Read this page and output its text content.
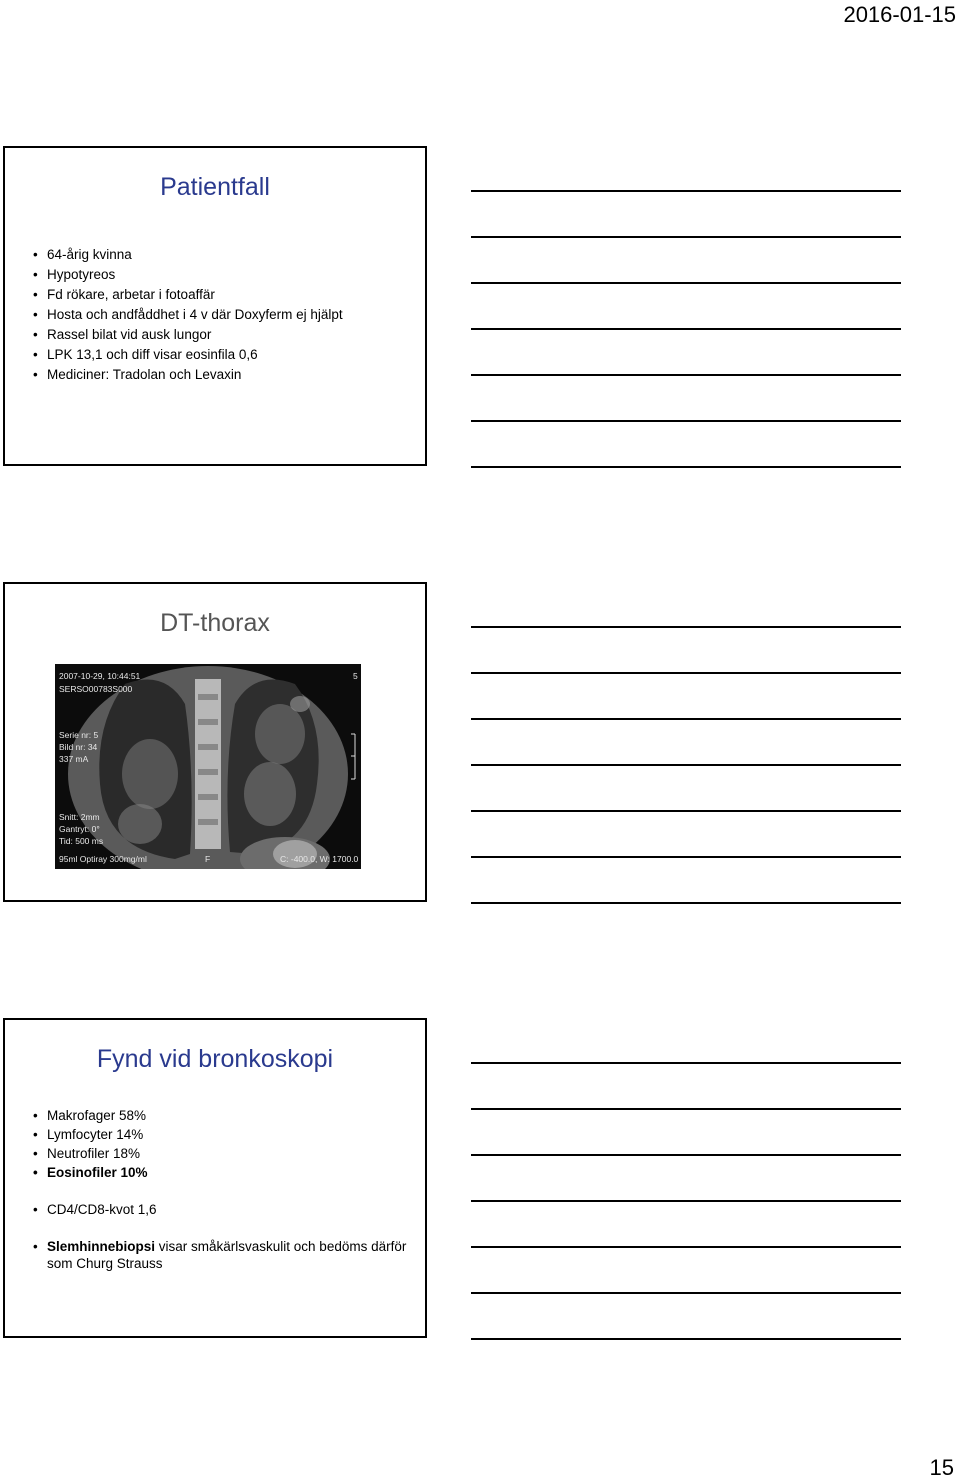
2016-01-15
Patientfall
• 64-årig kvinna
• Hypotyreos
• Fd rökare, arbetar i fotoaffär
• Hosta och andfåddhet i 4 v där Doxyferm ej hjälpt
• Rassel bilat vid ausk lungor
• LPK 13,1 och diff visar eosinfila 0,6
• Mediciner: Tradolan och Levaxin
DT-thorax
2007-10-29, 10:44:51
SERSO00783S000
Serie nr: 5
Bild nr: 34
337 mA
Snitt: 2mm
Gantryt: 0°
Tid: 500 ms
95ml Optiray 300mg/ml
5
C: -400.0, W: 1700.0
F
Fynd vid bronkoskopi
• Makrofager 58%
• Lymfocyter 14%
• Neutrofiler 18%
• Eosinofiler 10%
• CD4/CD8-kvot 1,6
• Slemhinnebiopsi visar småkärlsvaskulit och bedöms därför som Churg Strauss
15
